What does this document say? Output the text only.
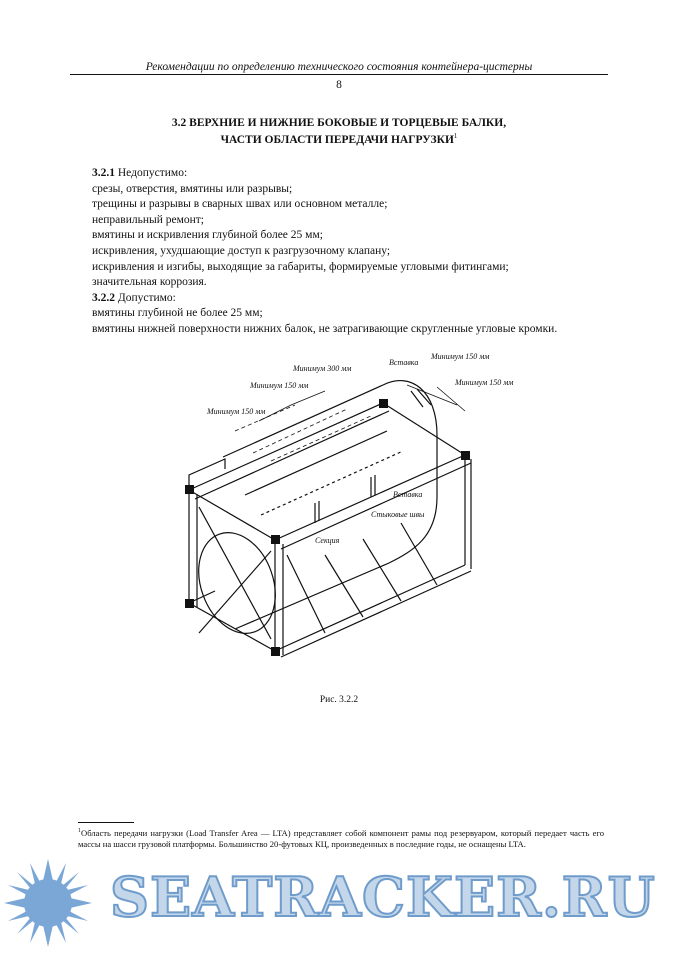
Рекомендации по определению технического состояния контейнера-цистерны
8
3.2 ВЕРХНИЕ И НИЖНИЕ БОКОВЫЕ И ТОРЦЕВЫЕ БАЛКИ,
ЧАСТИ ОБЛАСТИ ПЕРЕДАЧИ НАГРУЗКИ$^1$

3.2.1 Недопустимо:

срезы, отверстия, вмятины или разрывы;

трещины и разрывы в сварных швах или основном металле;

неправильный ремонт;

вмятины и искривления глубиной более 25 мм;

искривления, ухудшающие доступ к разгрузочному клапану;

искривления и изгибы, выходящие за габариты, формируемые угловыми фитингами;

значительная коррозия.

3.2.2 Допустимо:

вмятины глубиной не более 25 мм;

вмятины нижней поверхности нижних балок, не затрагивающие скругленные угловые кромки.

Минимум 300 мм
Минимум 150 мм
Минимум 150 мм
Минимум 150 мм
Минимум 150 мм
Вставка
Вставка
Стыковые швы
Секция
Рис. 3.2.2

$^1$Область передачи нагрузки (Load Transfer Area — LTA) представляет собой компонент рамы под резервуаром, который передает часть его массы на шасси грузовой платформы. Большинство 20-футовых КЦ, произведенных в последние годы, не оснащены LTA.

SEATRACKER.RU
